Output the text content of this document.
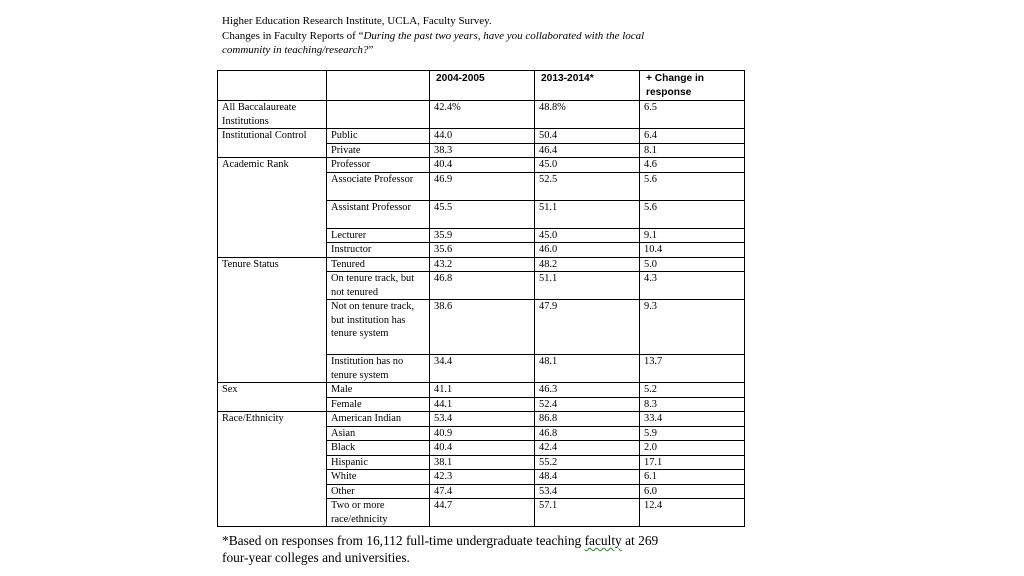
Higher Education Research Institute, UCLA, Faculty Survey.
Changes in Faculty Reports of “During the past two years, have you collaborated with the local
community in teaching/research?”
		2004-2005	2013-2014*	+ Change in response
All Baccalaureate Institutions		42.4%	48.8%	6.5
Institutional Control	Public	44.0	50.4	6.4
	Private	38.3	46.4	8.1
Academic Rank	Professor	40.4	45.0	4.6
	Associate Professor	46.9	52.5	5.6
	Assistant Professor	45.5	51.1	5.6
	Lecturer	35.9	45.0	9.1
	Instructor	35.6	46.0	10.4
Tenure Status	Tenured	43.2	48.2	5.0
	On tenure track, but not tenured	46.8	51.1	4.3
	Not on tenure track, but institution has tenure system	38.6	47.9	9.3
	Institution has no tenure system	34.4	48.1	13.7
Sex	Male	41.1	46.3	5.2
	Female	44.1	52.4	8.3
Race/Ethnicity	American Indian	53.4	86.8	33.4
	Asian	40.9	46.8	5.9
	Black	40.4	42.4	2.0
	Hispanic	38.1	55.2	17.1
	White	42.3	48.4	6.1
	Other	47.4	53.4	6.0
	Two or more race/ethnicity	44.7	57.1	12.4
*Based on responses from 16,112 full-time undergraduate teaching faculty at 269
four-year colleges and universities.
